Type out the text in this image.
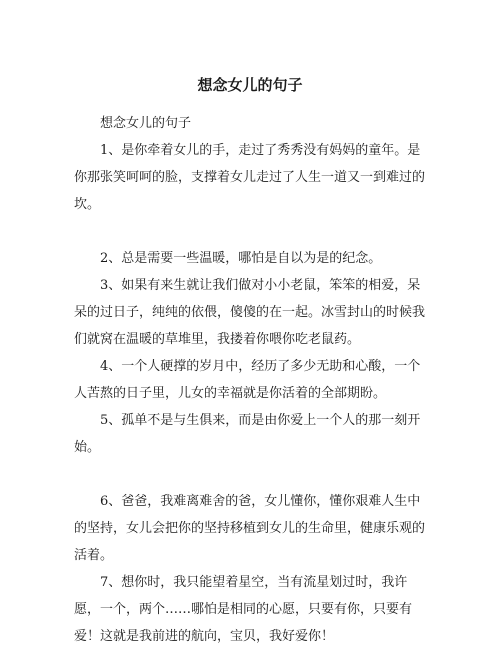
想念女儿的句子

想念女儿的句子

1、是你牵着女儿的手，走过了秀秀没有妈妈的童年。是你那张笑呵呵的脸，支撑着女儿走过了人生一道又一到难过的坎。

2、总是需要一些温暖，哪怕是自以为是的纪念。

3、如果有来生就让我们做对小小老鼠，笨笨的相爱，呆呆的过日子，纯纯的依偎，傻傻的在一起。冰雪封山的时候我们就窝在温暖的草堆里，我搂着你喂你吃老鼠药。

4、一个人硬撑的岁月中，经历了多少无助和心酸，一个人苦熬的日子里，儿女的幸福就是你活着的全部期盼。

5、孤单不是与生俱来，而是由你爱上一个人的那一刻开始。

6、爸爸，我难离难舍的爸，女儿懂你，懂你艰难人生中的坚持，女儿会把你的坚持移植到女儿的生命里，健康乐观的活着。

7、想你时，我只能望着星空，当有流星划过时，我许愿，一个，两个……哪怕是相同的心愿，只要有你，只要有爱！这就是我前进的航向，宝贝，我好爱你！
